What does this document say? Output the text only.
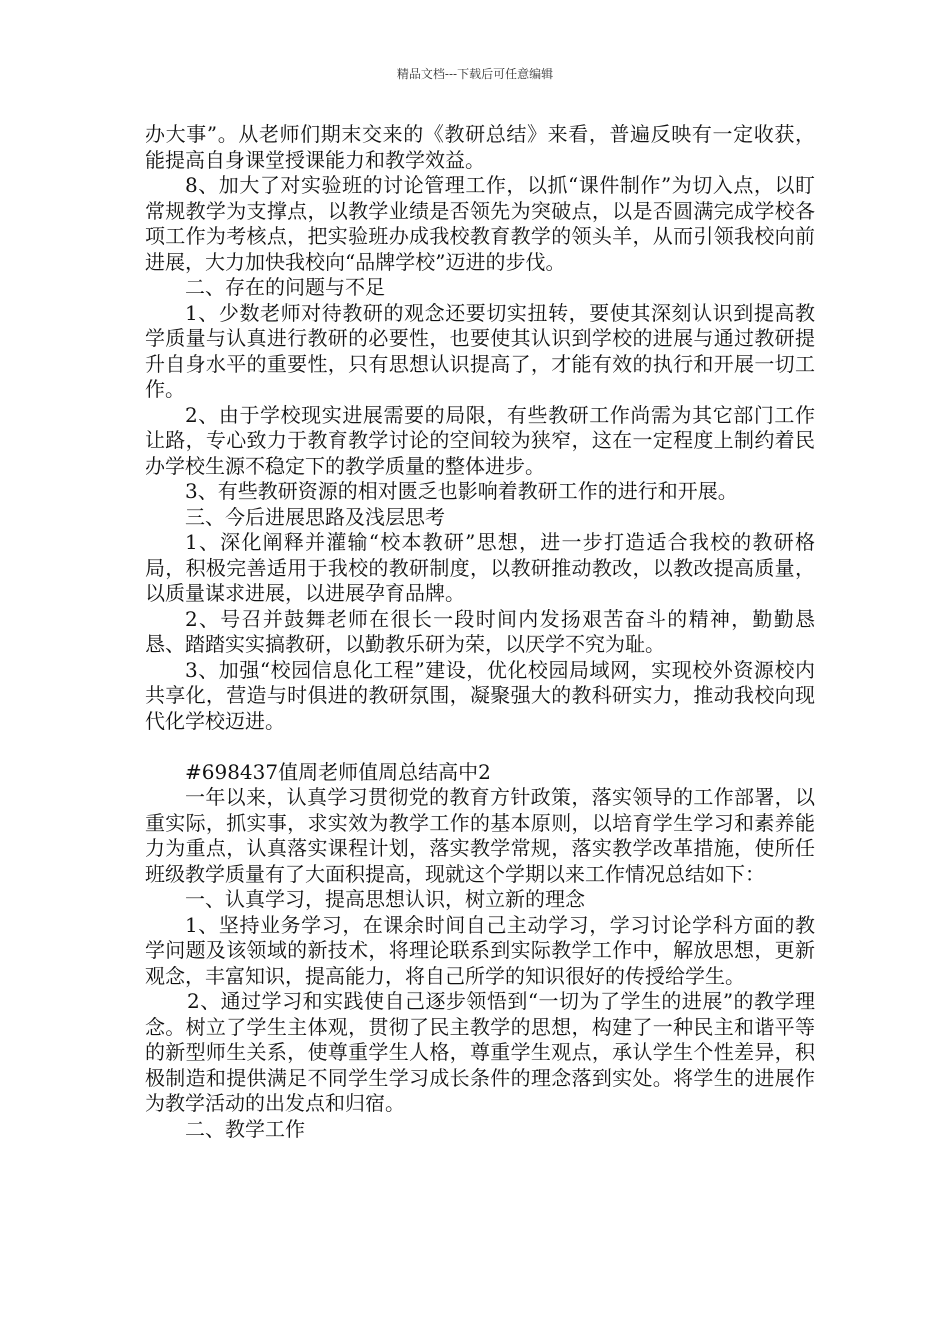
精品文档---下载后可任意编辑

办大事”。从老师们期末交来的《教研总结》来看，普遍反映有一定收获，能提高自身课堂授课能力和教学效益。

8、加大了对实验班的讨论管理工作，以抓“课件制作”为切入点，以盯常规教学为支撑点，以教学业绩是否领先为突破点，以是否圆满完成学校各项工作为考核点，把实验班办成我校教育教学的领头羊，从而引领我校向前进展，大力加快我校向“品牌学校”迈进的步伐。

二、存在的问题与不足

1、少数老师对待教研的观念还要切实扭转，要使其深刻认识到提高教学质量与认真进行教研的必要性，也要使其认识到学校的进展与通过教研提升自身水平的重要性，只有思想认识提高了，才能有效的执行和开展一切工作。

2、由于学校现实进展需要的局限，有些教研工作尚需为其它部门工作让路，专心致力于教育教学讨论的空间较为狭窄，这在一定程度上制约着民办学校生源不稳定下的教学质量的整体进步。

3、有些教研资源的相对匮乏也影响着教研工作的进行和开展。

三、今后进展思路及浅层思考

1、深化阐释并灌输“校本教研”思想，进一步打造适合我校的教研格局，积极完善适用于我校的教研制度，以教研推动教改，以教改提高质量，以质量谋求进展，以进展孕育品牌。

2、号召并鼓舞老师在很长一段时间内发扬艰苦奋斗的精神，勤勤恳恳、踏踏实实搞教研，以勤教乐研为荣，以厌学不究为耻。

3、加强“校园信息化工程”建设，优化校园局域网，实现校外资源校内共享化，营造与时俱进的教研氛围，凝聚强大的教科研实力，推动我校向现代化学校迈进。

#698437值周老师值周总结高中2

一年以来，认真学习贯彻党的教育方针政策，落实领导的工作部署，以重实际，抓实事，求实效为教学工作的基本原则，以培育学生学习和素养能力为重点，认真落实课程计划，落实教学常规，落实教学改革措施，使所任班级教学质量有了大面积提高，现就这个学期以来工作情况总结如下：

一、认真学习，提高思想认识，树立新的理念

1、坚持业务学习，在课余时间自己主动学习，学习讨论学科方面的教学问题及该领域的新技术，将理论联系到实际教学工作中，解放思想，更新观念，丰富知识，提高能力，将自己所学的知识很好的传授给学生。

2、通过学习和实践使自己逐步领悟到“一切为了学生的进展”的教学理念。树立了学生主体观，贯彻了民主教学的思想，构建了一种民主和谐平等的新型师生关系，使尊重学生人格，尊重学生观点，承认学生个性差异，积极制造和提供满足不同学生学习成长条件的理念落到实处。将学生的进展作为教学活动的出发点和归宿。

二、教学工作
